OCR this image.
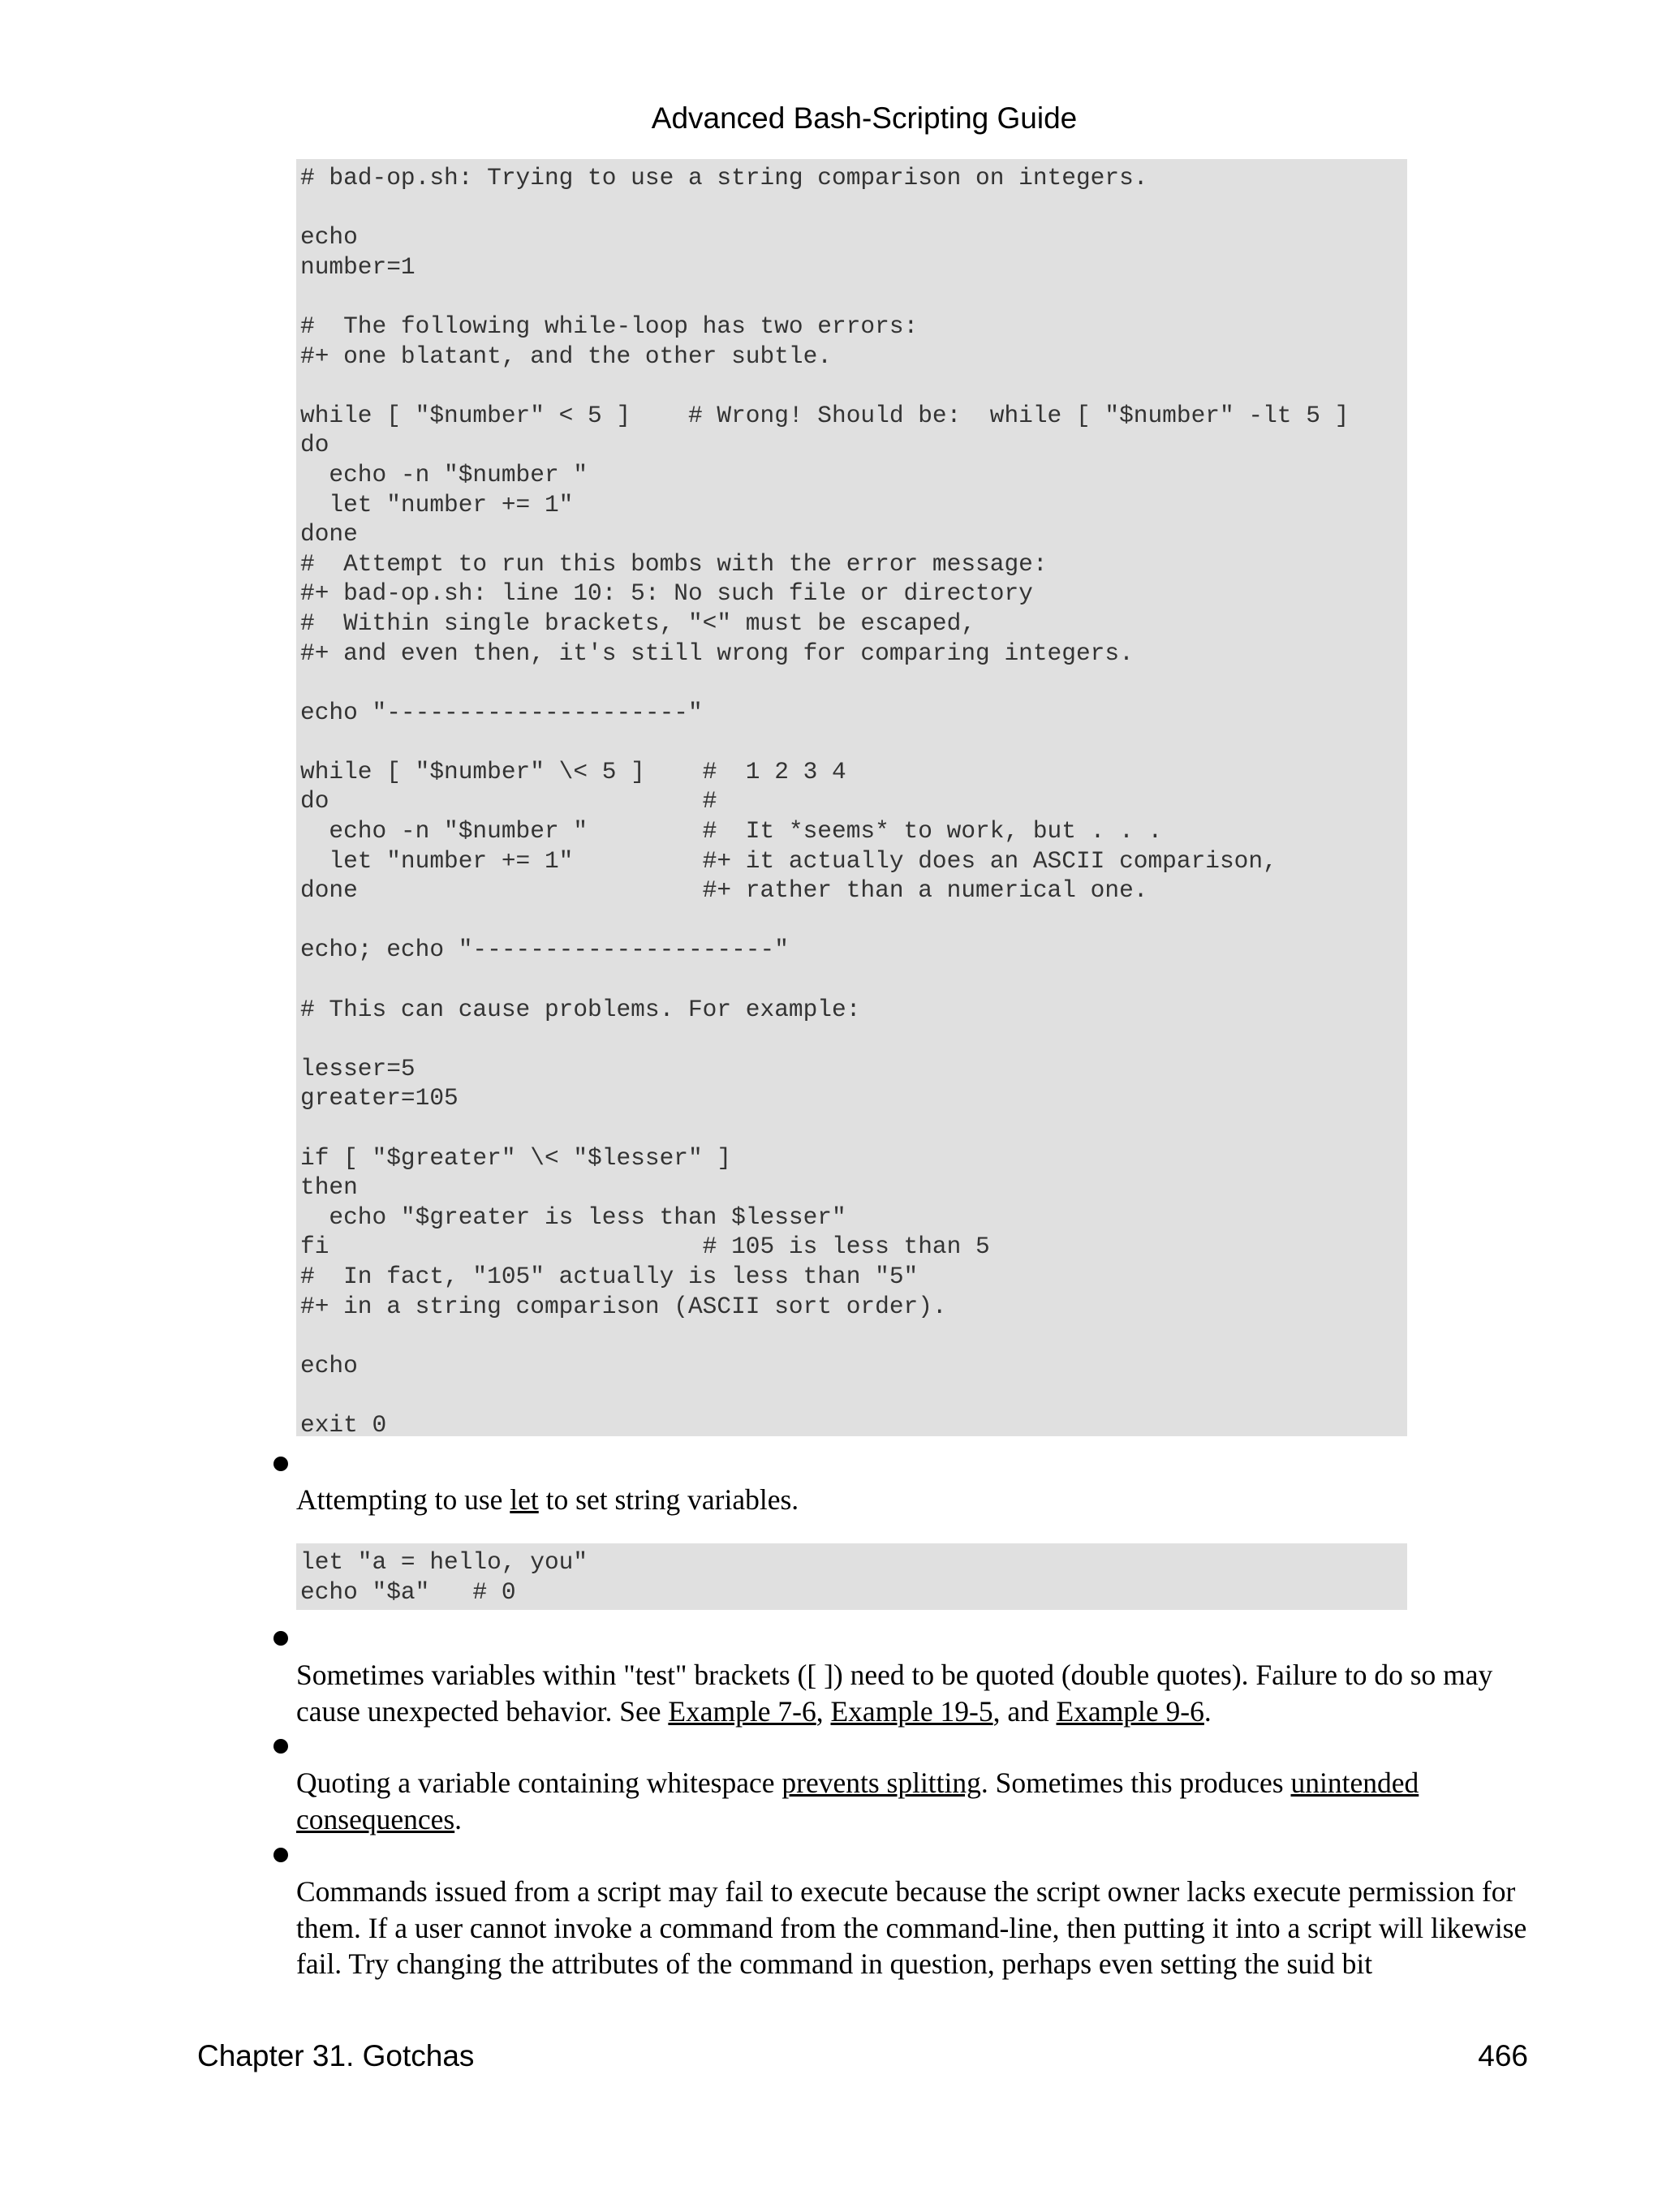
Advanced Bash-Scripting Guide
# bad-op.sh: Trying to use a string comparison on integers.
echo
number=1
#  The following while-loop has two errors:
#+ one blatant, and the other subtle.
while [ "$number" < 5 ]    # Wrong! Should be:  while [ "$number" -lt 5 ]
do
echo -n "$number "
let "number += 1"
done
#  Attempt to run this bombs with the error message:
#+ bad-op.sh: line 10: 5: No such file or directory
#  Within single brackets, "<" must be escaped,
#+ and even then, it's still wrong for comparing integers.
echo "---------------------"
while [ "$number" \< 5 ]    #  1 2 3 4
do                          #
echo -n "$number "        #  It *seems* to work, but . . .
let "number += 1"         #+ it actually does an ASCII comparison,
done                        #+ rather than a numerical one.
echo; echo "---------------------"
# This can cause problems. For example:
lesser=5
greater=105
if [ "$greater" \< "$lesser" ]
then
echo "$greater is less than $lesser"
fi                          # 105 is less than 5
#  In fact, "105" actually is less than "5"
#+ in a string comparison (ASCII sort order).
echo
exit 0

Attempting to use let to set string variables.

let "a = hello, you"
echo "$a"   # 0

Sometimes variables within "test" brackets ([ ]) need to be quoted (double quotes). Failure to do so may cause unexpected behavior. See Example 7-6, Example 19-5, and Example 9-6.

Quoting a variable containing whitespace prevents splitting. Sometimes this produces unintended consequences.

Commands issued from a script may fail to execute because the script owner lacks execute permission for them. If a user cannot invoke a command from the command-line, then putting it into a script will likewise fail. Try changing the attributes of the command in question, perhaps even setting the suid bit

Chapter 31. Gotchas	466
